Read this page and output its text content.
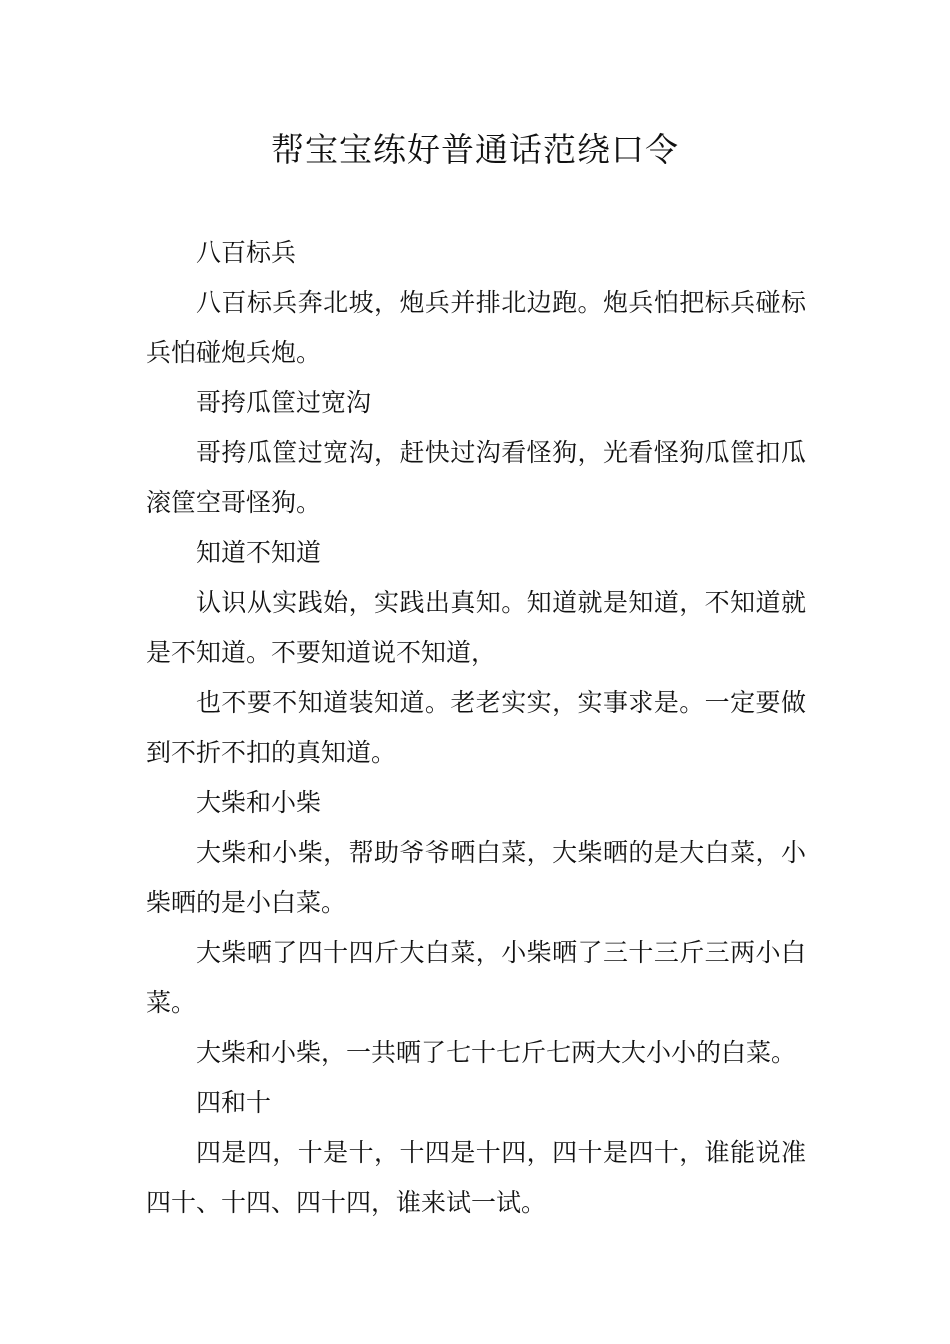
帮宝宝练好普通话范绕口令

八百标兵

八百标兵奔北坡，炮兵并排北边跑。炮兵怕把标兵碰标兵怕碰炮兵炮。

哥挎瓜筐过宽沟

哥挎瓜筐过宽沟，赶快过沟看怪狗，光看怪狗瓜筐扣瓜滚筐空哥怪狗。

知道不知道

认识从实践始，实践出真知。知道就是知道，不知道就是不知道。不要知道说不知道，

也不要不知道装知道。老老实实，实事求是。一定要做到不折不扣的真知道。

大柴和小柴

大柴和小柴，帮助爷爷晒白菜，大柴晒的是大白菜，小柴晒的是小白菜。

大柴晒了四十四斤大白菜，小柴晒了三十三斤三两小白菜。

大柴和小柴，一共晒了七十七斤七两大大小小的白菜。

四和十

四是四，十是十，十四是十四，四十是四十，谁能说准四十、十四、四十四，谁来试一试。
